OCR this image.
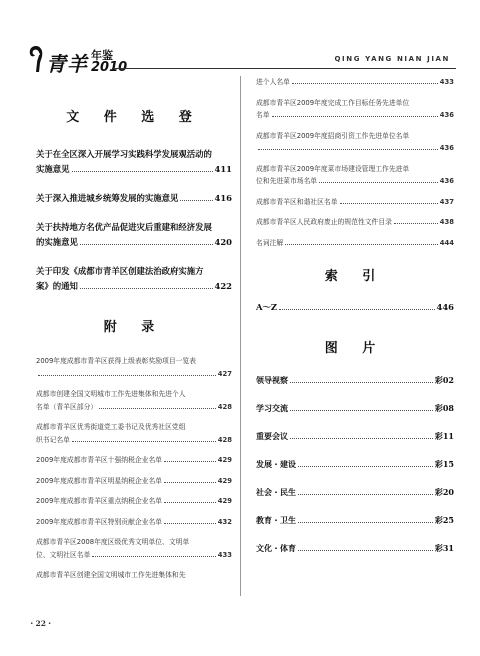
青羊 年鉴
2010
QING YANG NIAN JIAN
文 件 选 登
关于在全区深入开展学习实践科学发展观活动的
实施意见	411
关于深入推进城乡统筹发展的实施意见	416
关于扶持地方名优产品促进灾后重建和经济发展
的实施意见	420
关于印发《成都市青羊区创建法治政府实施方
案》的通知	422
附 录
2009年度成都市青羊区获得上级表彰奖励项目一览表
427
成都市创建全国文明城市工作先进集体和先进个人
名单（青羊区部分）	428
成都市青羊区优秀街道党工委书记及优秀社区党组
织书记名单	428
2009年度成都市青羊区十强纳税企业名单	429
2009年度成都市青羊区明星纳税企业名单	429
2009年度成都市青羊区重点纳税企业名单	429
2009年度成都市青羊区特别贡献企业名单	432
成都市青羊区2008年度区级优秀文明单位、文明单
位、文明社区名单	433
成都市青羊区创建全国文明城市工作先进集体和先
进个人名单	433
成都市青羊区2009年度完成工作目标任务先进单位
名单	436
成都市青羊区2009年度招商引资工作先进单位名单
436
成都市青羊区2009年度菜市场建设管理工作先进单
位和先进菜市场名单	436
成都市青羊区和谐社区名单	437
成都市青羊区人民政府废止的规范性文件目录	438
名词注解	444
索 引
A～Z	446
图 片
领导视察	彩02
学习交流	彩08
重要会议	彩11
发展・建设	彩15
社会・民生	彩20
教育・卫生	彩25
文化・体育	彩31
・22・
